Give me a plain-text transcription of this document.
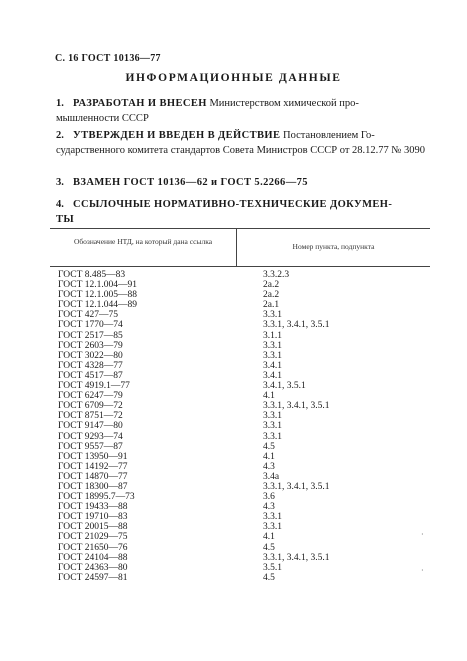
С. 16 ГОСТ 10136—77
ИНФОРМАЦИОННЫЕ ДАННЫЕ
1. РАЗРАБОТАН И ВНЕСЕН Министерством химической про-
мышленности СССР
2. УТВЕРЖДЕН И ВВЕДЕН В ДЕЙСТВИЕ Постановлением Го-
сударственного комитета стандартов Совета Министров СССР от 28.12.77 № 3090
3. ВЗАМЕН ГОСТ 10136—62 и ГОСТ 5.2266—75
4. ССЫЛОЧНЫЕ НОРМАТИВНО-ТЕХНИЧЕСКИЕ ДОКУМЕН-
ТЫ
Обозначение НТД, на который дана ссылка
Номер пункта, подпункта
ГОСТ 8.485—83	3.3.2.3
ГОСТ 12.1.004—91	2а.2
ГОСТ 12.1.005—88	2а.2
ГОСТ 12.1.044—89	2а.1
ГОСТ 427—75	3.3.1
ГОСТ 1770—74	3.3.1, 3.4.1, 3.5.1
ГОСТ 2517—85	3.1.1
ГОСТ 2603—79	3.3.1
ГОСТ 3022—80	3.3.1
ГОСТ 4328—77	3.4.1
ГОСТ 4517—87	3.4.1
ГОСТ 4919.1—77	3.4.1, 3.5.1
ГОСТ 6247—79	4.1
ГОСТ 6709—72	3.3.1, 3.4.1, 3.5.1
ГОСТ 8751—72	3.3.1
ГОСТ 9147—80	3.3.1
ГОСТ 9293—74	3.3.1
ГОСТ 9557—87	4.5
ГОСТ 13950—91	4.1
ГОСТ 14192—77	4.3
ГОСТ 14870—77	3.4а
ГОСТ 18300—87	3.3.1, 3.4.1, 3.5.1
ГОСТ 18995.7—73	3.6
ГОСТ 19433—88	4.3
ГОСТ 19710—83	3.3.1
ГОСТ 20015—88	3.3.1
ГОСТ 21029—75	4.1
ГОСТ 21650—76	4.5
ГОСТ 24104—88	3.3.1, 3.4.1, 3.5.1
ГОСТ 24363—80	3.5.1
ГОСТ 24597—81	4.5
·
·
